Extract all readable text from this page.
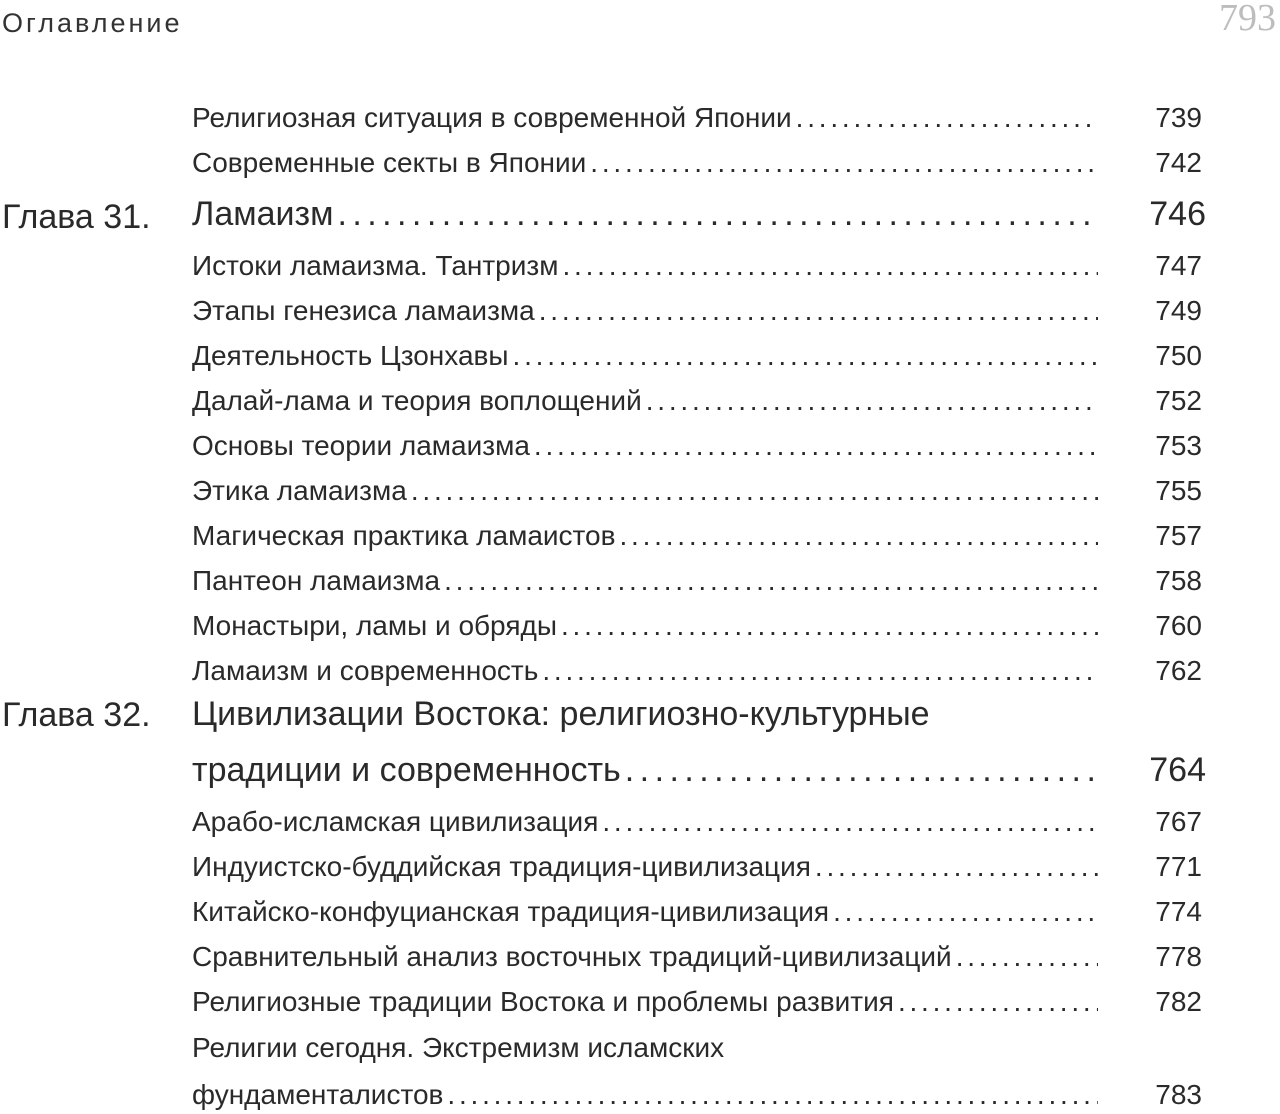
Оглавление	793
Религиозная ситуация в современной Японии . . .	739
Современные секты в Японии . . .	742
Глава 31. Ламаизм . . .	746
Истоки ламаизма. Тантризм . . .	747
Этапы генезиса ламаизма . . .	749
Деятельность Цзонхавы . . .	750
Далай-лама и теория воплощений . . .	752
Основы теории ламаизма . . .	753
Этика ламаизма . . .	755
Магическая практика ламаистов . . .	757
Пантеон ламаизма . . .	758
Монастыри, ламы и обряды . . .	760
Ламаизм и современность . . .	762
Глава 32. Цивилизации Востока: религиозно-культурные
традиции и современность . . .	764
Арабо-исламская цивилизация . . .	767
Индуистско-буддийская традиция-цивилизация . . .	771
Китайско-конфуцианская традиция-цивилизация . . .	774
Сравнительный анализ восточных традиций-цивилизаций . . .	778
Религиозные традиции Востока и проблемы развития . . .	782
Религии сегодня. Экстремизм исламских
фундаменталистов . . .	783
